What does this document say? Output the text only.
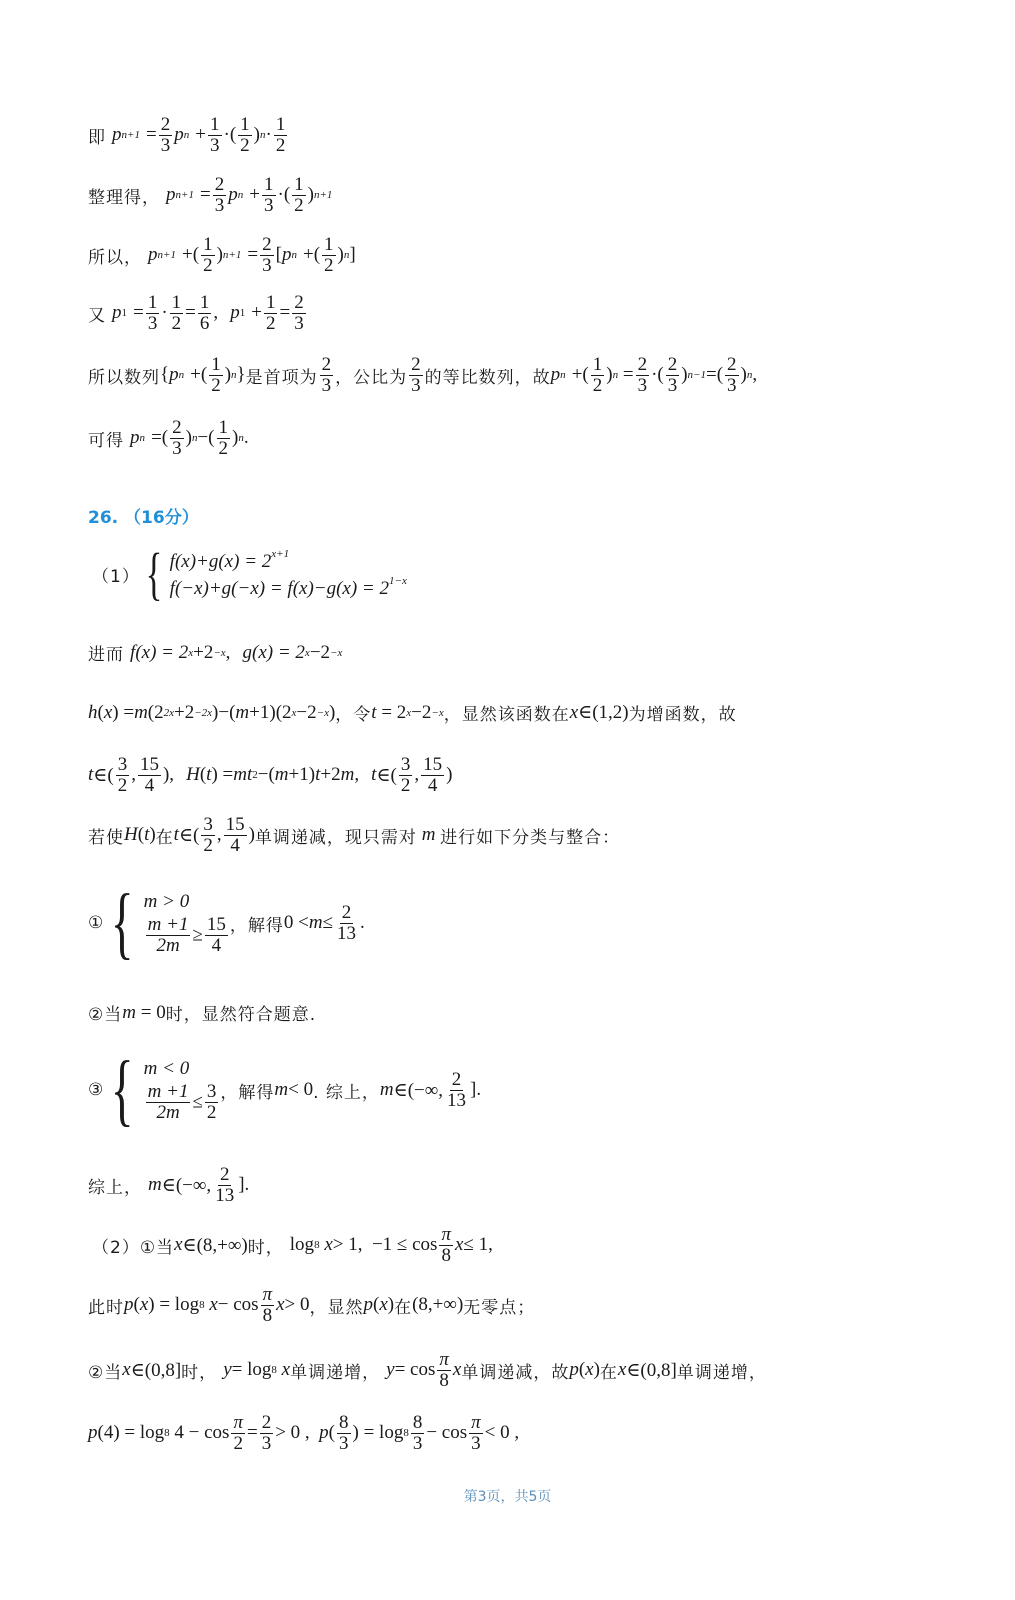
即
p n+1
= $\frac{2}{3}$ p n
+ $\frac{1}{3}$ ·( $\frac{1}{2}$ ) $n \cdot \frac{1}{2}$
整理得，
p n+1
= $\frac{2}{3}$ p n
+ $\frac{1}{3}$ ·( $\frac{1}{2}$ ) n+1
所以，
p n+1
+( $\frac{1}{2}$ ) n+1
= $\frac{2}{3}$ [ p n
+( $\frac{1}{2}$ ) n ]
又
p 1
= $\frac{1}{3} \cdot \frac{1}{2} = \frac{1}{6}$ ,
p 1
+ $\frac{1}{2} = \frac{2}{3}$
所以数列 { p n
+( $\frac{1}{2}$ ) n } 是首项为 $\frac{2}{3}$ ，公比为 $\frac{2}{3}$ 的等比数列，故 p n
+( $\frac{1}{2}$ ) $n = \frac{2}{3}$ ·( $\frac{2}{3}$ ) n−1 =( $\frac{2}{3}$ ) n ,
可得
p n
=( $\frac{2}{3}$ ) n −( $\frac{1}{2}$ ) n .
26. （16分）
（1） { $f(x)+g(x) = 2^{x+1}$
$f(-x)+g(-x) = f(x)-g(x) = 2^{1-x}$
进而
f(x) = 2 x +2 −x ,
g(x) = 2 x −2 −x
h ( x ) = m (2 2x +2 −2x )−( m +1)(2 x −2 −x ) ，令 t = 2 x −2 −x ，显然该函数在 x ∈(1,2) 为增函数，故
t ∈( $\frac{3}{2}$ , $\frac{15}{4}$ ),
H ( t ) = mt 2 −( m +1) t +2 m ,
t ∈( $\frac{3}{2}$ , $\frac{15}{4}$ )
若使 H ( t ) 在 t ∈( $\frac{3}{2}$ , $\frac{15}{4}$ ) 单调递减，现只需对 m 进行如下分类与整合：
① { m > 0
$\frac{m +1}{2m} \ge \frac{15}{4}$ ，解得 $0 < m \le \frac{2}{13}$ .
②当 m = 0 时，显然符合题意.
③ { m < 0
$\frac{m +1}{2m} \le \frac{3}{2}$ ，解得 m < 0 . 综上， m ∈(−∞, $\frac{2}{13}$ ].
综上，
m ∈(−∞, $\frac{2}{13}$ ].
（2）①当 x ∈(8,+∞) 时，
log 8 x > 1,  $-1 \le \cos \frac{\pi}{8}$ x ≤ 1,
此时 p ( x ) = log 8 $x - \cos \frac{\pi}{8}$ x > 0 ，显然 p ( x ) 在 (8,+∞) 无零点；
②当 x ∈(0,8] 时，
y = log 8 x 单调递增，
$y = \cos \frac{\pi}{8}$ x 单调递减，故 p ( x ) 在 x ∈(0,8] 单调递增，
p (4) = log 8 $4 - \cos \frac{\pi}{2} = \frac{2}{3} > 0$ , p ( $\frac{8}{3}$ ) = $\log 8 \frac{8}{3} - \cos \frac{\pi}{3} < 0$ ,
第3页，共5页
